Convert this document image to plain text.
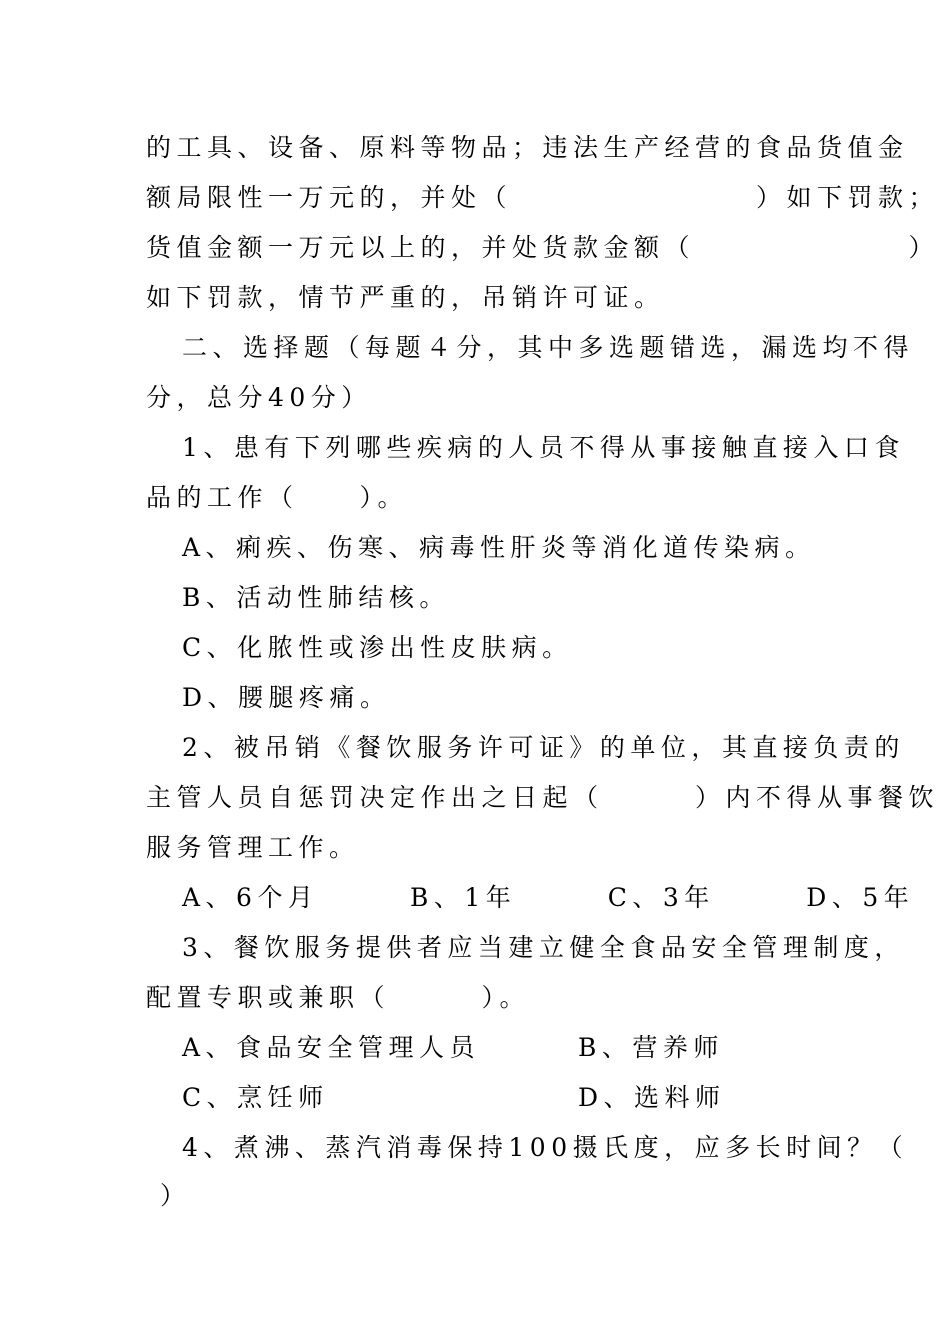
的工具、设备、原料等物品；违法生产经营的食品货值金
额局限性一万元的，并处（　　　　　　　　）如下罚款；
货值金额一万元以上的，并处货款金额（　　　　　　　）
如下罚款，情节严重的，吊销许可证。
二、选择题（每题４分，其中多选题错选，漏选均不得
分，总分40分）
1、患有下列哪些疾病的人员不得从事接触直接入口食
品的工作（　　）。
A、痢疾、伤寒、病毒性肝炎等消化道传染病。
B、活动性肺结核。
C、化脓性或渗出性皮肤病。
D、腰腿疼痛。
2、被吊销《餐饮服务许可证》的单位，其直接负责的
主管人员自惩罚决定作出之日起（　　　）内不得从事餐饮
服务管理工作。
A、6个月　　　B、1年　　　C、3年　　　D、5年
3、餐饮服务提供者应当建立健全食品安全管理制度，
配置专职或兼职（　　　）。
A、食品安全管理人员	B、营养师
C、烹饪师	D、选料师
4、煮沸、蒸汽消毒保持100摄氏度，应多长时间？（
）
